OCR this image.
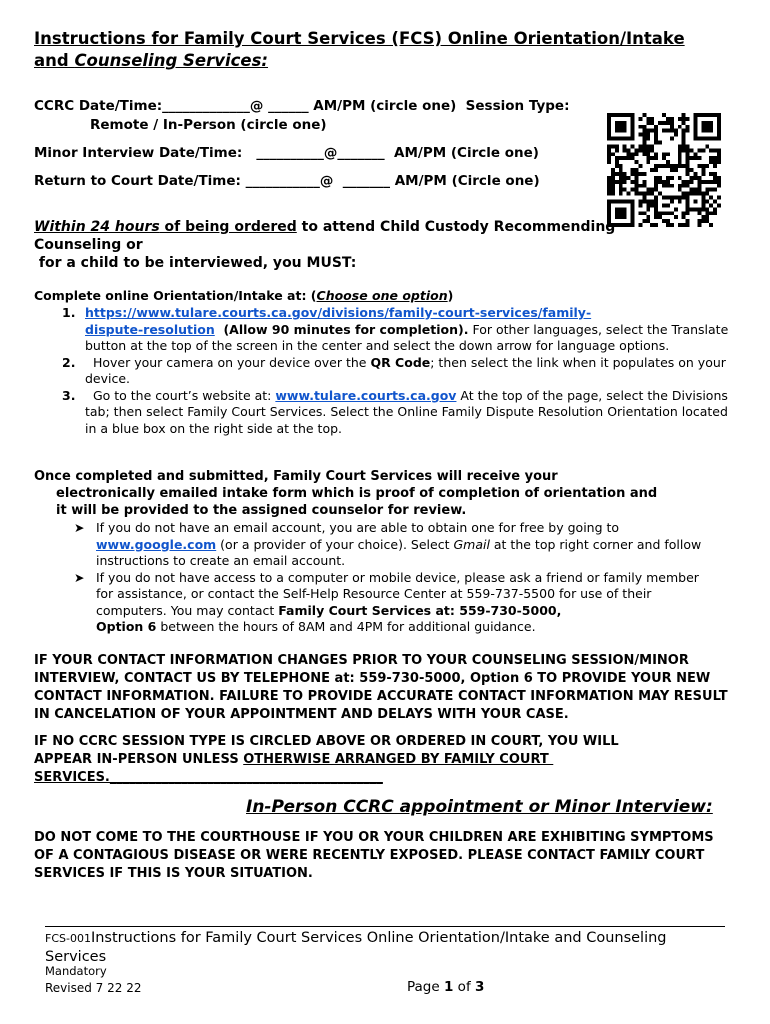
Instructions for Family Court Services (FCS) Online Orientation/Intake
and Counseling Services:
CCRC Date/Time:_____________@ ______ AM/PM (circle one)  Session Type:
Remote / In-Person (circle one)
Minor Interview Date/Time:   __________@_______  AM/PM (Circle one)
Return to Court Date/Time: ___________@  _______ AM/PM (Circle one)
Within 24 hours of being ordered to attend Child Custody Recommending
Counseling or
for a child to be interviewed, you MUST:
Complete online Orientation/Intake at: (Choose one option)
1. https://www.tulare.courts.ca.gov/divisions/family-court-services/family-
dispute-resolution  (Allow 90 minutes for completion). For other languages, select the Translate button at the top of the screen in the center and select the down arrow for language options.
2. Hover your camera on your device over the QR Code; then select the link when it populates on your device.
3. Go to the court’s website at: www.tulare.courts.ca.gov At the top of the page, select the Divisions tab; then select Family Court Services. Select the Online Family Dispute Resolution Orientation located in a blue box on the right side at the top.
Once completed and submitted, Family Court Services will receive your
electronically emailed intake form which is proof of completion of orientation and
it will be provided to the assigned counselor for review.
➤ If you do not have an email account, you are able to obtain one for free by going to
www.google.com (or a provider of your choice). Select Gmail at the top right corner and follow instructions to create an email account.
➤ If you do not have access to a computer or mobile device, please ask a friend or family member for assistance, or contact the Self-Help Resource Center at 559-737-5500 for use of their computers. You may contact Family Court Services at: 559-730-5000,
Option 6 between the hours of 8AM and 4PM for additional guidance.
IF YOUR CONTACT INFORMATION CHANGES PRIOR TO YOUR COUNSELING SESSION/MINOR INTERVIEW, CONTACT US BY TELEPHONE at: 559-730-5000, Option 6 TO PROVIDE YOUR NEW CONTACT INFORMATION. FAILURE TO PROVIDE ACCURATE CONTACT INFORMATION MAY RESULT IN CANCELATION OF YOUR APPOINTMENT AND DELAYS WITH YOUR CASE.
IF NO CCRC SESSION TYPE IS CIRCLED ABOVE OR ORDERED IN COURT, YOU WILL
APPEAR IN-PERSON UNLESS OTHERWISE ARRANGED BY FAMILY COURT
SERVICES.__________________________________________
In-Person CCRC appointment or Minor Interview:
DO NOT COME TO THE COURTHOUSE IF YOU OR YOUR CHILDREN ARE EXHIBITING SYMPTOMS OF A CONTAGIOUS DISEASE OR WERE RECENTLY EXPOSED. PLEASE CONTACT FAMILY COURT SERVICES IF THIS IS YOUR SITUATION.
FCS-001Instructions for Family Court Services Online Orientation/Intake and Counseling Services
Mandatory
Revised 7 22 22	Page 1 of 3
